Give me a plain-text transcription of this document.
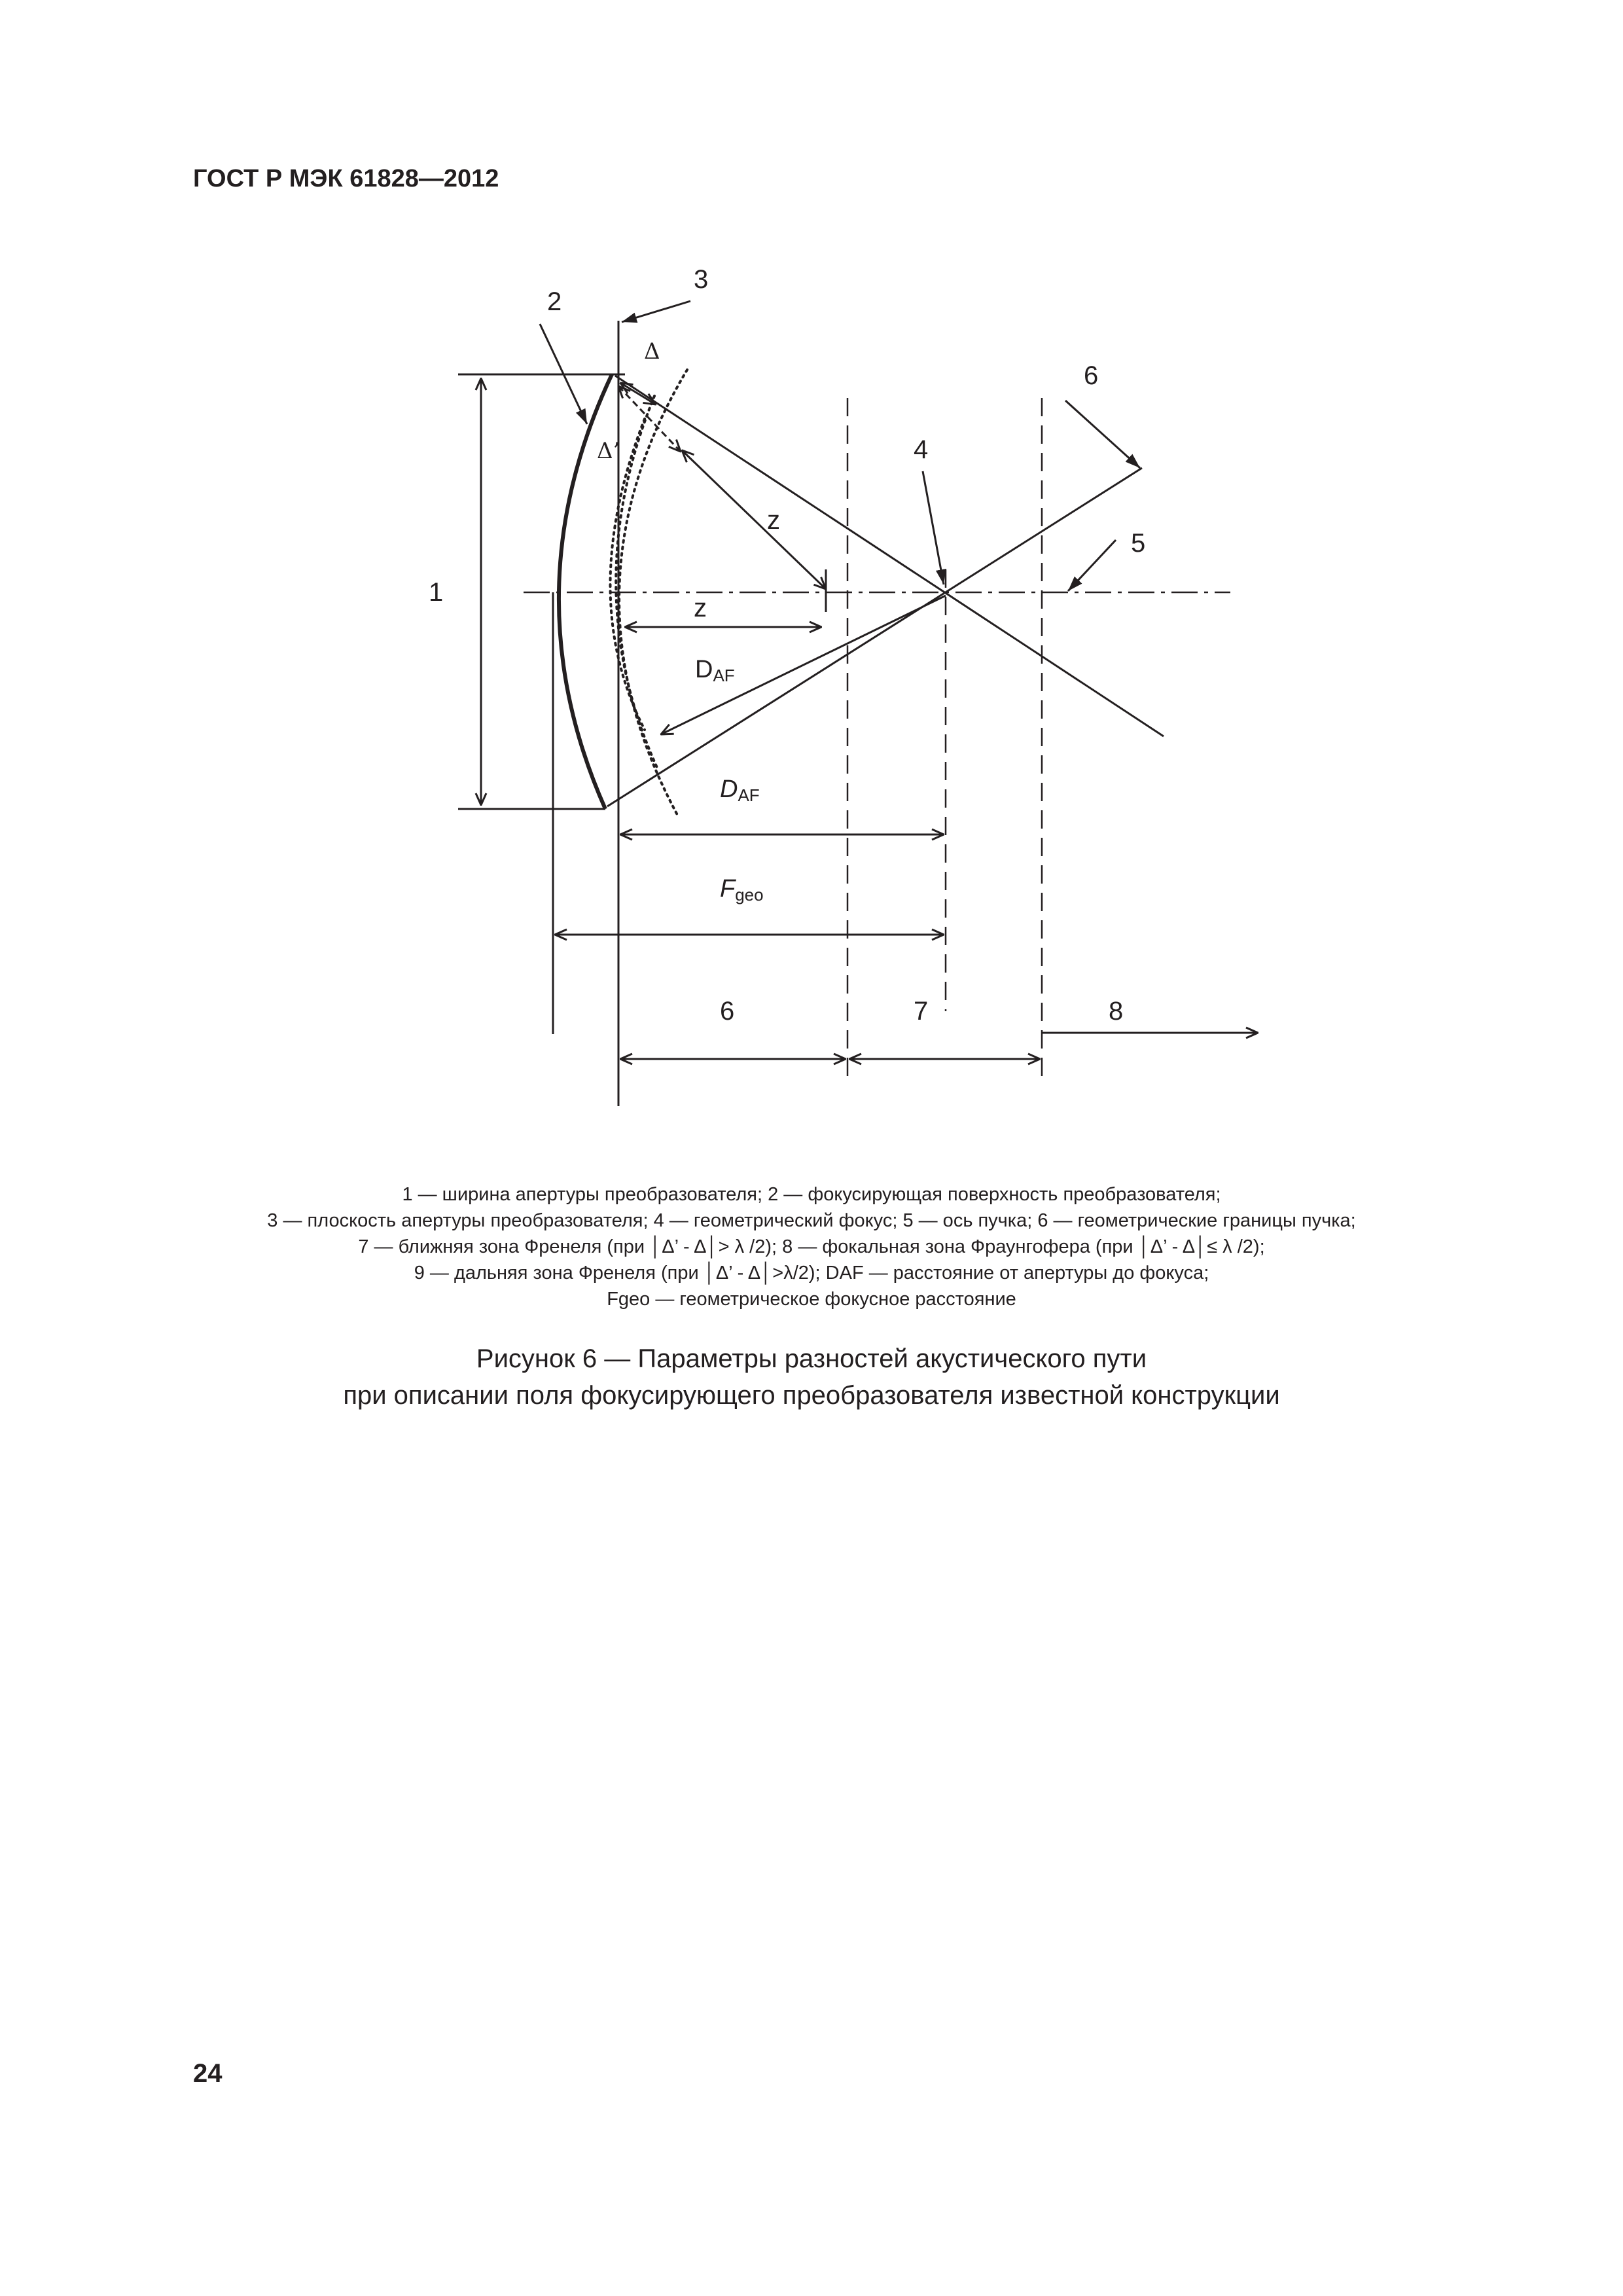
ГОСТ Р МЭК 61828—2012
1
2
3
4
5
6
Δ
Δ’
z
z
DAF
DAF
Fgeo
6	7	8
1 — ширина апертуры преобразователя; 2 — фокусирующая поверхность преобразователя;
3 — плоскость апертуры преобразователя; 4 — геометрический фокус; 5 — ось пучка; 6 — геометрические границы пучка;
7 — ближняя зона Френеля (при │Δ’ - Δ│> λ /2); 8 — фокальная зона Фраунгофера (при │Δ’ - Δ│≤ λ /2);
9 — дальняя зона Френеля (при │Δ’ - Δ│>λ/2); DAF — расстояние от апертуры до фокуса;
Fgeo — геометрическое фокусное расстояние
Рисунок 6 — Параметры разностей акустического пути
при описании поля фокусирующего преобразователя известной конструкции
24
